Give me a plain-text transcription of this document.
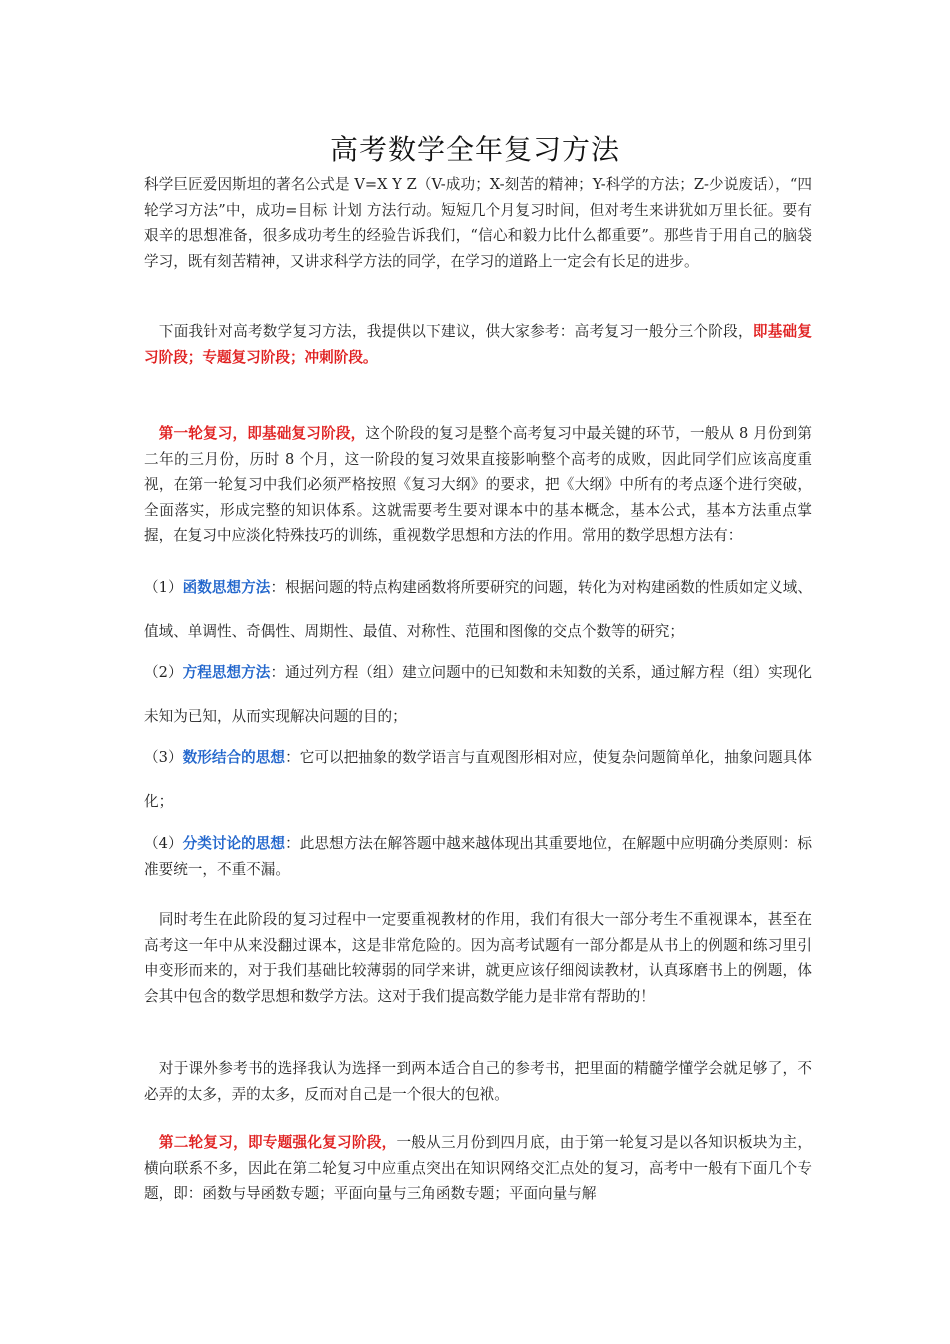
高考数学全年复习方法

科学巨匠爱因斯坦的著名公式是 V=X Y Z（V-成功；X-刻苦的精神；Y-科学的方法；Z-少说废话），“四轮学习方法”中，成功=目标 计划 方法行动。短短几个月复习时间，但对考生来讲犹如万里长征。要有艰辛的思想准备，很多成功考生的经验告诉我们，“信心和毅力比什么都重要”。那些肯于用自己的脑袋学习，既有刻苦精神，又讲求科学方法的同学，在学习的道路上一定会有长足的进步。

　下面我针对高考数学复习方法，我提供以下建议，供大家参考：高考复习一般分三个阶段，即基础复习阶段；专题复习阶段；冲刺阶段。

　第一轮复习，即基础复习阶段，这个阶段的复习是整个高考复习中最关键的环节，一般从 8 月份到第二年的三月份，历时 8 个月，这一阶段的复习效果直接影响整个高考的成败，因此同学们应该高度重视，在第一轮复习中我们必须严格按照《复习大纲》的要求，把《大纲》中所有的考点逐个进行突破，全面落实，形成完整的知识体系。这就需要考生要对课本中的基本概念，基本公式，基本方法重点掌握，在复习中应淡化特殊技巧的训练，重视数学思想和方法的作用。常用的数学思想方法有：

（1）函数思想方法：根据问题的特点构建函数将所要研究的问题，转化为对构建函数的性质如定义域、值域、单调性、奇偶性、周期性、最值、对称性、范围和图像的交点个数等的研究；

（2）方程思想方法：通过列方程（组）建立问题中的已知数和未知数的关系，通过解方程（组）实现化未知为已知，从而实现解决问题的目的；

（3）数形结合的思想：它可以把抽象的数学语言与直观图形相对应，使复杂问题简单化，抽象问题具体化；

（4）分类讨论的思想：此思想方法在解答题中越来越体现出其重要地位，在解题中应明确分类原则：标准要统一，不重不漏。

　同时考生在此阶段的复习过程中一定要重视教材的作用，我们有很大一部分考生不重视课本，甚至在高考这一年中从来没翻过课本，这是非常危险的。因为高考试题有一部分都是从书上的例题和练习里引申变形而来的，对于我们基础比较薄弱的同学来讲，就更应该仔细阅读教材，认真琢磨书上的例题，体会其中包含的数学思想和数学方法。这对于我们提高数学能力是非常有帮助的！

　对于课外参考书的选择我认为选择一到两本适合自己的参考书，把里面的精髓学懂学会就足够了，不必弄的太多，弄的太多，反而对自己是一个很大的包袱。

　第二轮复习，即专题强化复习阶段，一般从三月份到四月底，由于第一轮复习是以各知识板块为主，横向联系不多，因此在第二轮复习中应重点突出在知识网络交汇点处的复习，高考中一般有下面几个专题，即：函数与导函数专题；平面向量与三角函数专题；平面向量与解
